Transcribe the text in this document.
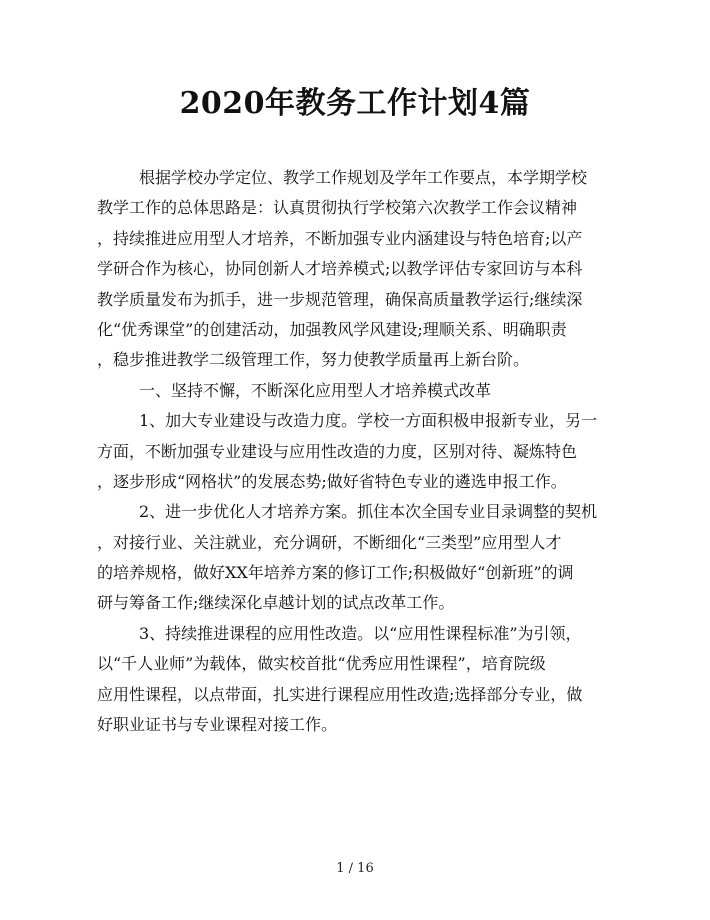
2020年教务工作计划4篇
根据学校办学定位、教学工作规划及学年工作要点，本学期学校
教学工作的总体思路是：认真贯彻执行学校第六次教学工作会议精神
，持续推进应用型人才培养，不断加强专业内涵建设与特色培育;以产
学研合作为核心，协同创新人才培养模式;以教学评估专家回访与本科
教学质量发布为抓手，进一步规范管理，确保高质量教学运行;继续深
化“优秀课堂”的创建活动，加强教风学风建设;理顺关系、明确职责
，稳步推进教学二级管理工作，努力使教学质量再上新台阶。
一、坚持不懈，不断深化应用型人才培养模式改革
1、加大专业建设与改造力度。学校一方面积极申报新专业，另一
方面，不断加强专业建设与应用性改造的力度，区别对待、凝炼特色
，逐步形成“网格状”的发展态势;做好省特色专业的遴选申报工作。
2、进一步优化人才培养方案。抓住本次全国专业目录调整的契机
，对接行业、关注就业，充分调研，不断细化“三类型”应用型人才
的培养规格，做好XX年培养方案的修订工作;积极做好“创新班”的调
研与筹备工作;继续深化卓越计划的试点改革工作。
3、持续推进课程的应用性改造。以“应用性课程标准”为引领，
以“千人业师”为载体，做实校首批“优秀应用性课程”，培育院级
应用性课程，以点带面，扎实进行课程应用性改造;选择部分专业，做
好职业证书与专业课程对接工作。
1 / 16
